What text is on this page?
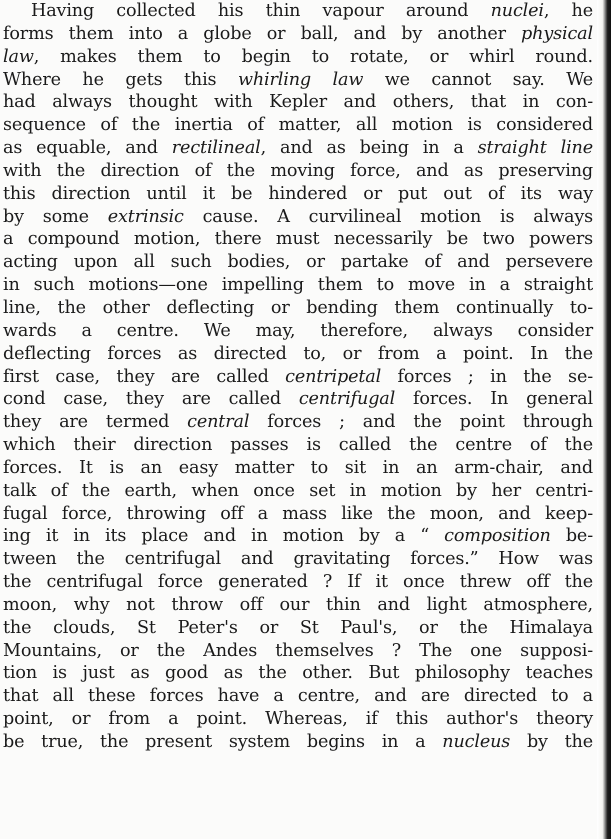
Having collected his thin vapour around nuclei, he
forms them into a globe or ball, and by another physical
law, makes them to begin to rotate, or whirl round.
Where he gets this whirling law we cannot say. We
had always thought with Kepler and others, that in con-
sequence of the inertia of matter, all motion is considered
as equable, and rectilineal, and as being in a straight line
with the direction of the moving force, and as preserving
this direction until it be hindered or put out of its way
by some extrinsic cause. A curvilineal motion is always
a compound motion, there must necessarily be two powers
acting upon all such bodies, or partake of and persevere
in such motions—one impelling them to move in a straight
line, the other deflecting or bending them continually to-
wards a centre. We may, therefore, always consider
deflecting forces as directed to, or from a point. In the
first case, they are called centripetal forces ; in the se-
cond case, they are called centrifugal forces. In general
they are termed central forces ; and the point through
which their direction passes is called the centre of the
forces. It is an easy matter to sit in an arm-chair, and
talk of the earth, when once set in motion by her centri-
fugal force, throwing off a mass like the moon, and keep-
ing it in its place and in motion by a “ composition be-
tween the centrifugal and gravitating forces.” How was
the centrifugal force generated ? If it once threw off the
moon, why not throw off our thin and light atmosphere,
the clouds, St Peter's or St Paul's, or the Himalaya
Mountains, or the Andes themselves ? The one supposi-
tion is just as good as the other. But philosophy teaches
that all these forces have a centre, and are directed to a
point, or from a point. Whereas, if this author's theory
be true, the present system begins in a nucleus by the
